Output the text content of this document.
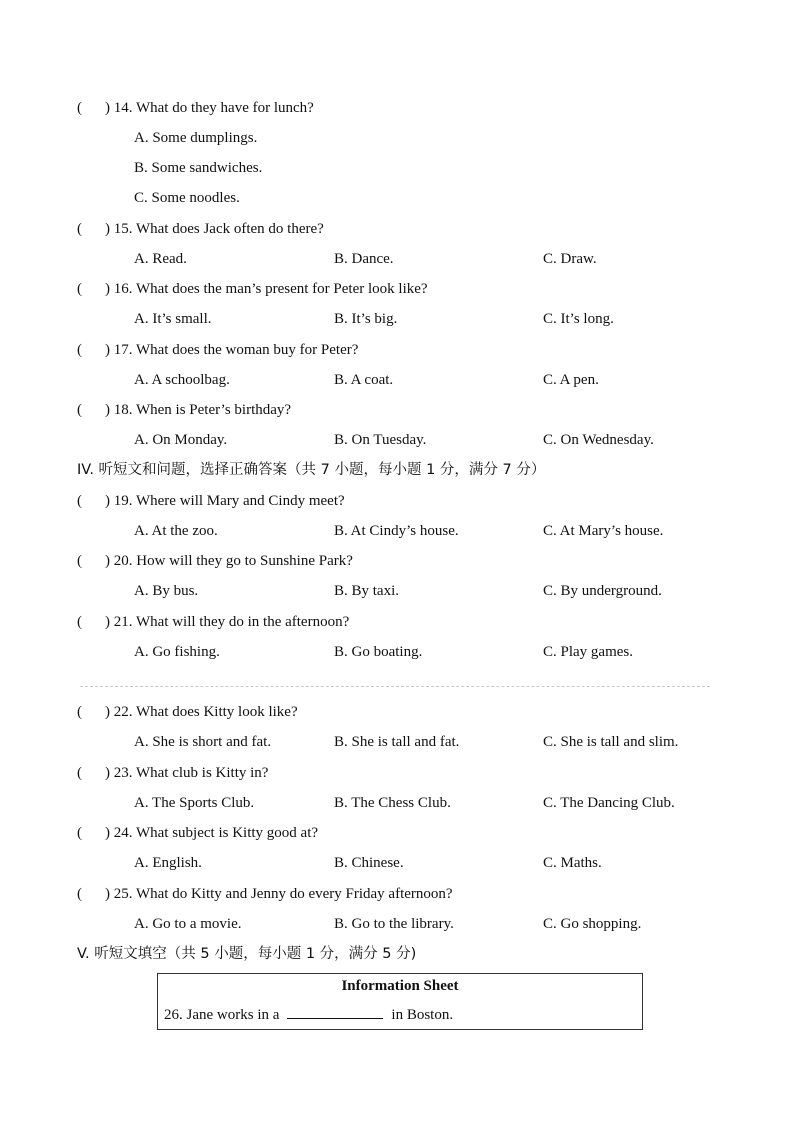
( ) 14. What do they have for lunch?
A. Some dumplings.
B. Some sandwiches.
C. Some noodles.
( ) 15. What does Jack often do there?
A. Read.	B. Dance.	C. Draw.
( ) 16. What does the man’s present for Peter look like?
A. It’s small.	B. It’s big.	C. It’s long.
( ) 17. What does the woman buy for Peter?
A. A schoolbag.	B. A coat.	C. A pen.
( ) 18. When is Peter’s birthday?
A. On Monday.	B. On Tuesday.	C. On Wednesday.
IV. 听短文和问题，选择正确答案（共 7 小题，每小题 1 分，满分 7 分）
( ) 19. Where will Mary and Cindy meet?
A. At the zoo.	B. At Cindy’s house.	C. At Mary’s house.
( ) 20. How will they go to Sunshine Park?
A. By bus.	B. By taxi.	C. By underground.
( ) 21. What will they do in the afternoon?
A. Go fishing.	B. Go boating.	C. Play games.
( ) 22. What does Kitty look like?
A. She is short and fat.	B. She is tall and fat.	C. She is tall and slim.
( ) 23. What club is Kitty in?
A. The Sports Club.	B. The Chess Club.	C. The Dancing Club.
( ) 24. What subject is Kitty good at?
A. English.	B. Chinese.	C. Maths.
( ) 25. What do Kitty and Jenny do every Friday afternoon?
A. Go to a movie.	B. Go to the library.	C. Go shopping.
V. 听短文填空（共 5 小题，每小题 1 分，满分 5 分)
Information Sheet
26. Jane works in a	in Boston.
